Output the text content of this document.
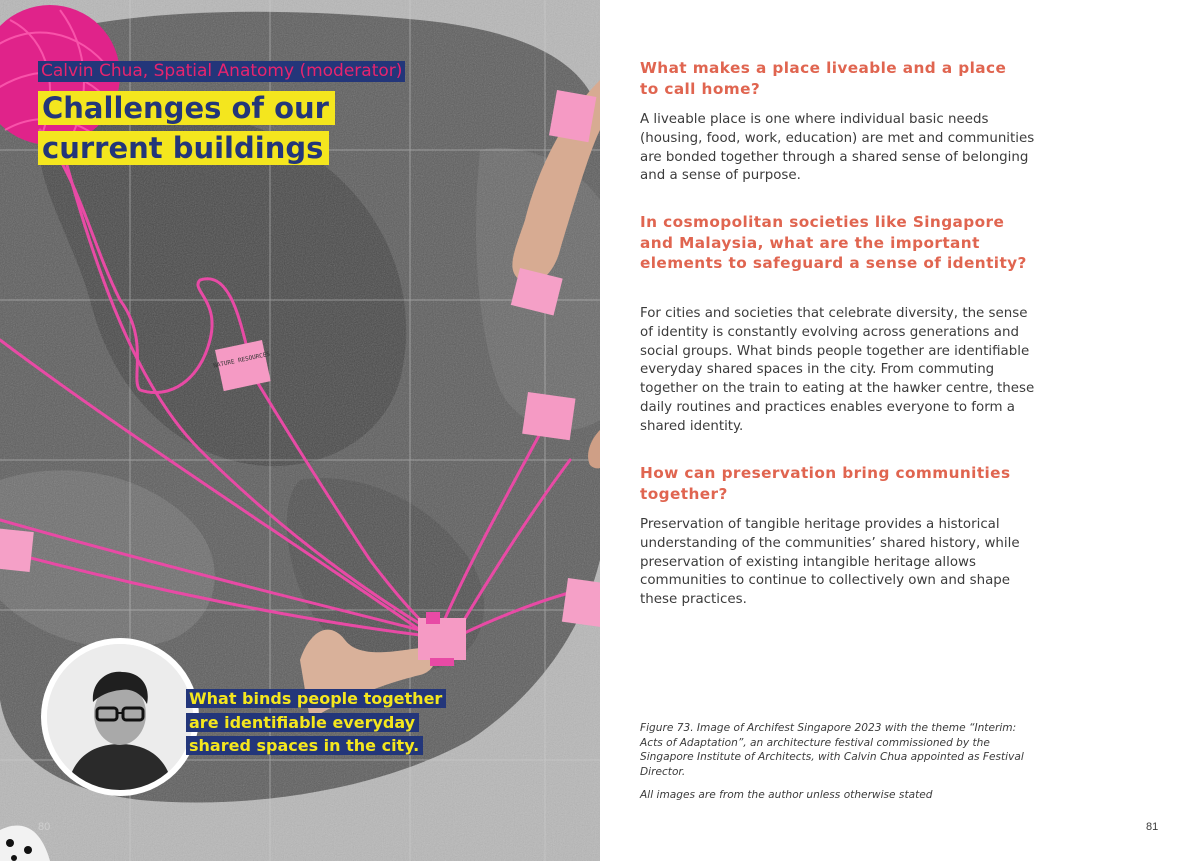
NATURE RESOURCES
Calvin Chua, Spatial Anatomy (moderator)
Challenges of our
current buildings
What binds people together
are identifiable everyday
shared spaces in the city.
80
What makes a place liveable and a place to call home?
A liveable place is one where individual basic needs (housing, food, work, education) are met and communities are bonded together through a shared sense of belonging and a sense of purpose.
In cosmopolitan societies like Singapore and Malaysia, what are the important elements to safeguard a sense of identity?
For cities and societies that celebrate diversity, the sense of identity is constantly evolving across generations and social groups. What binds people together are identifiable everyday shared spaces in the city. From commuting together on the train to eating at the hawker centre, these daily routines and practices enables everyone to form a shared identity.
How can preservation bring communities together?
Preservation of tangible heritage provides a historical understanding of the communities’ shared history, while preservation of existing intangible heritage allows communities to continue to collectively own and shape these practices.
Figure 73. Image of Archifest Singapore 2023 with the theme “Interim: Acts of Adaptation”, an architecture festival commissioned by the Singapore Institute of Architects, with Calvin Chua appointed as Festival Director.
All images are from the author unless otherwise stated
81
